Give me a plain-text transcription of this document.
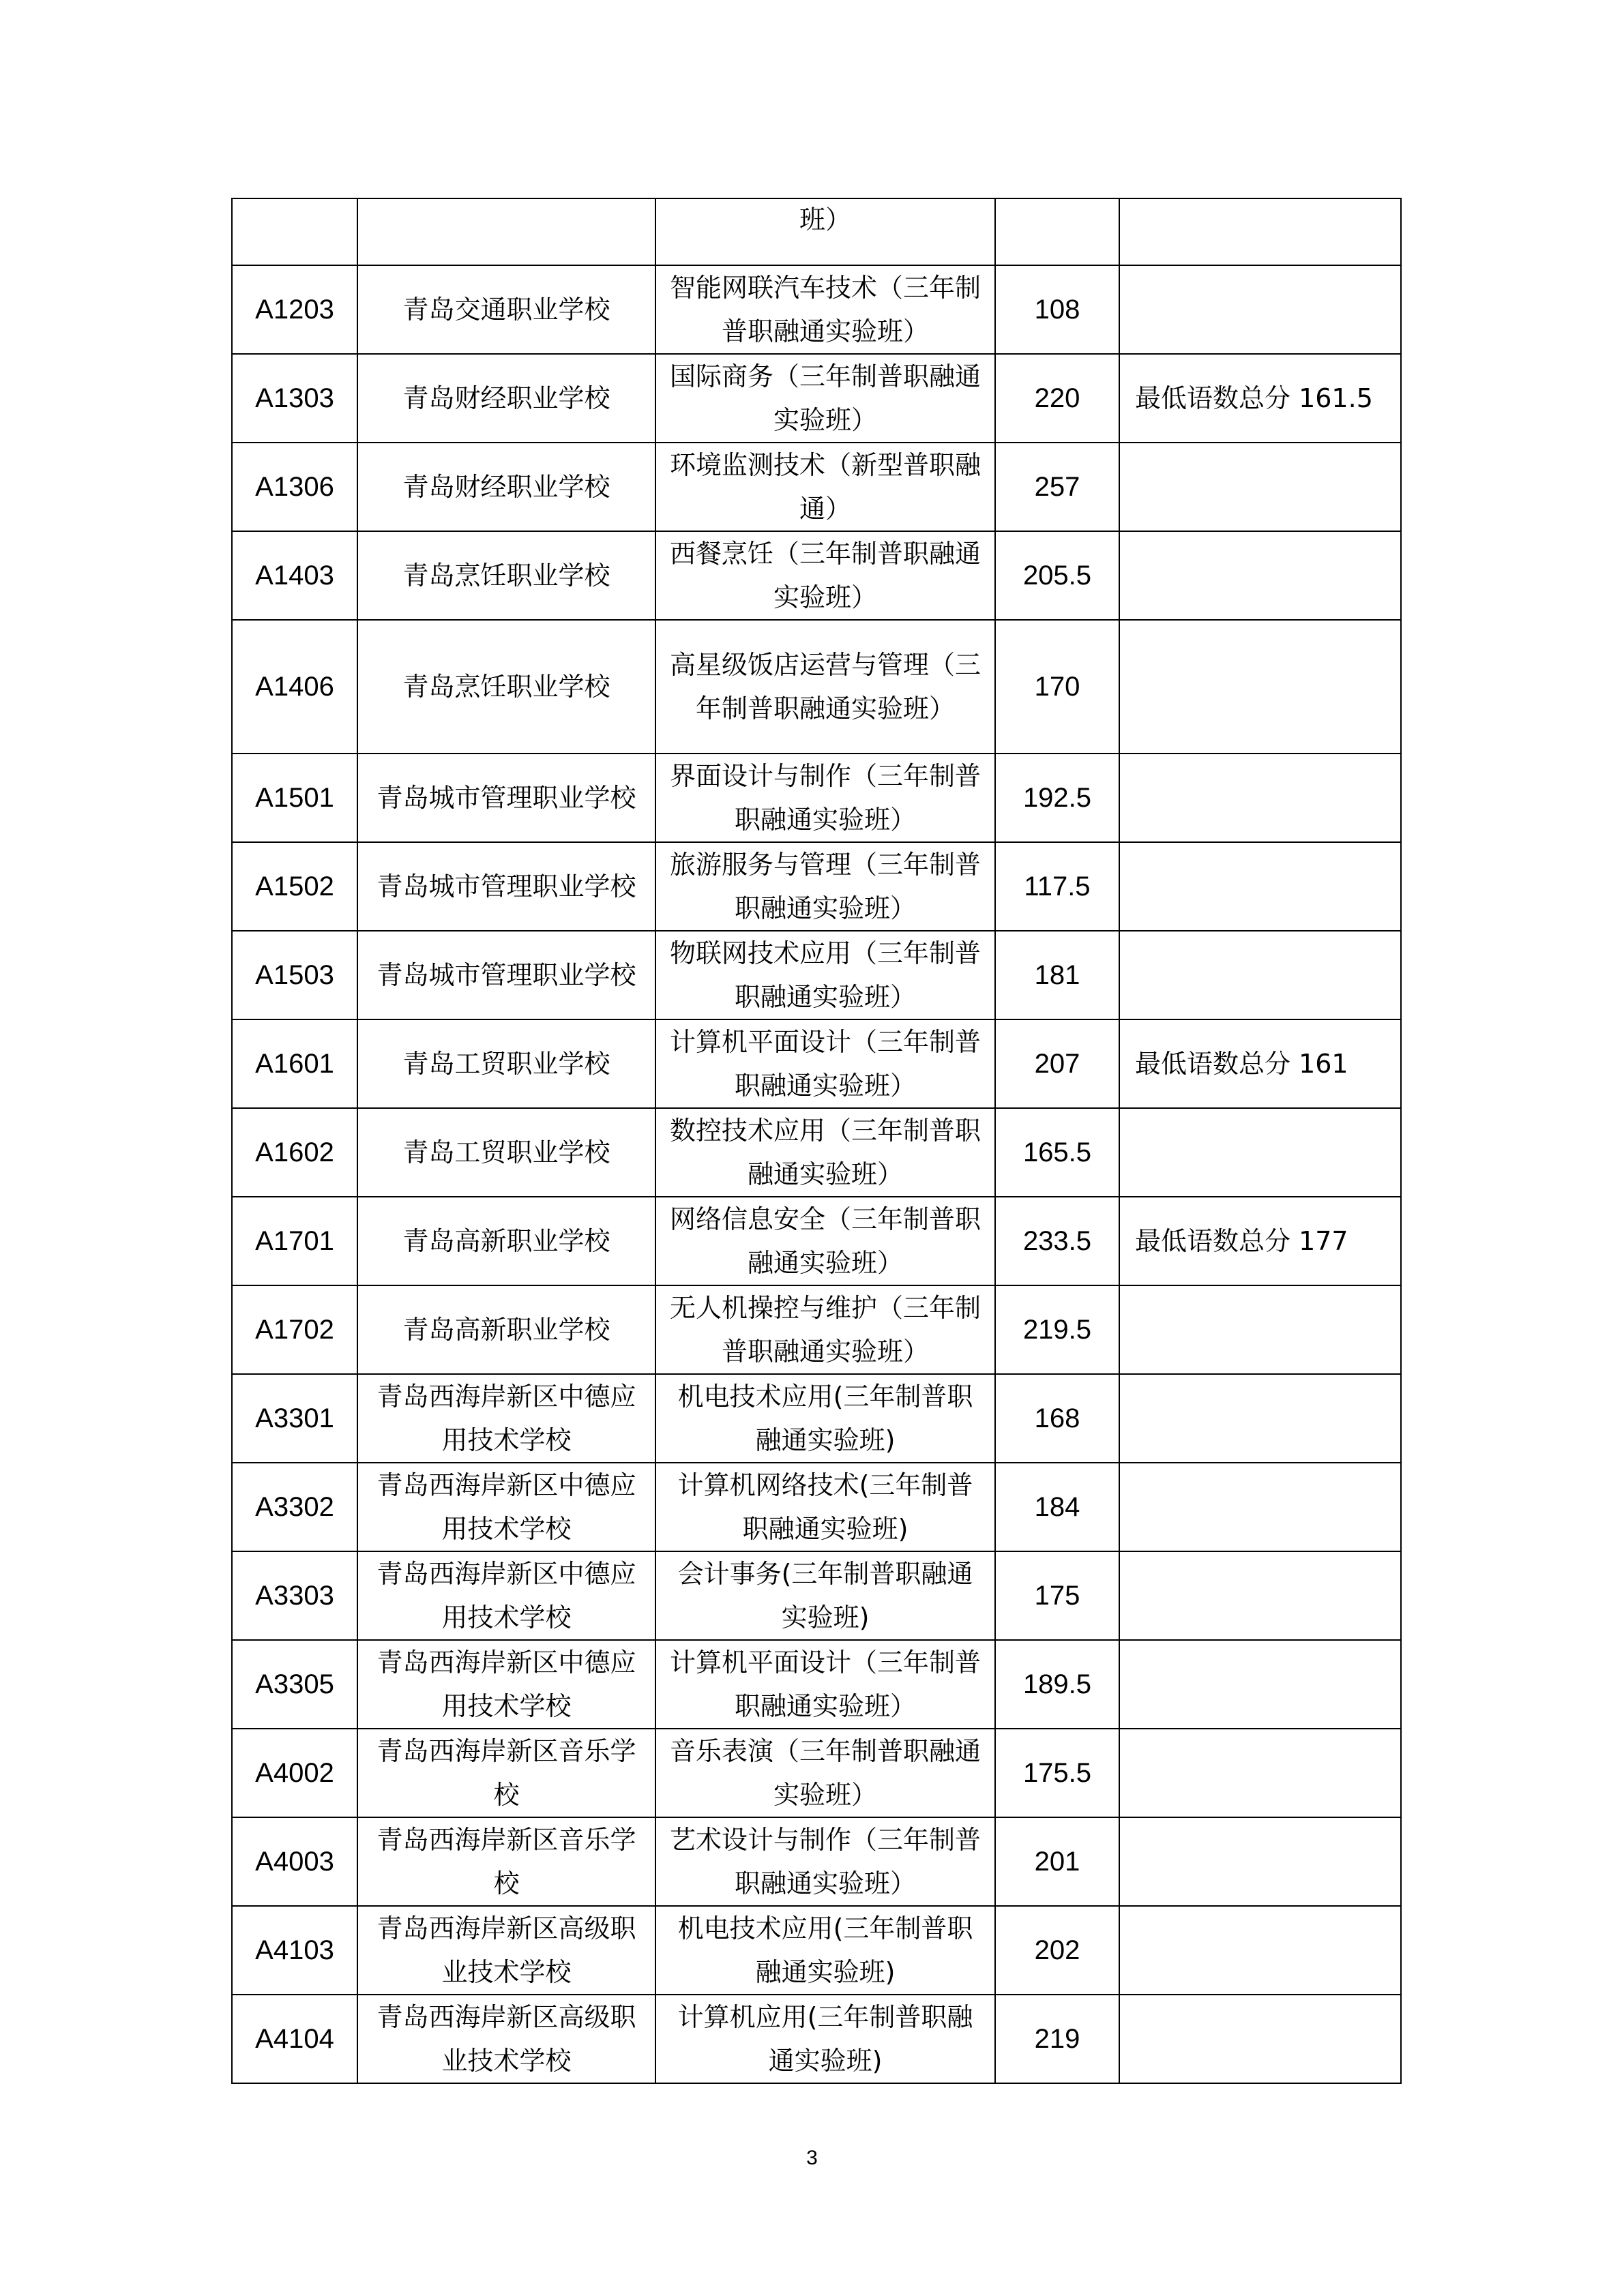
		班）		
A1203	青岛交通职业学校	智能网联汽车技术（三年制普职融通实验班）	108	
A1303	青岛财经职业学校	国际商务（三年制普职融通实验班）	220	最低语数总分 161.5
A1306	青岛财经职业学校	环境监测技术（新型普职融通）	257	
A1403	青岛烹饪职业学校	西餐烹饪（三年制普职融通实验班）	205.5	
A1406	青岛烹饪职业学校	高星级饭店运营与管理（三年制普职融通实验班）	170	
A1501	青岛城市管理职业学校	界面设计与制作（三年制普职融通实验班）	192.5	
A1502	青岛城市管理职业学校	旅游服务与管理（三年制普职融通实验班）	117.5	
A1503	青岛城市管理职业学校	物联网技术应用（三年制普职融通实验班）	181	
A1601	青岛工贸职业学校	计算机平面设计（三年制普职融通实验班）	207	最低语数总分 161
A1602	青岛工贸职业学校	数控技术应用（三年制普职融通实验班）	165.5	
A1701	青岛高新职业学校	网络信息安全（三年制普职融通实验班）	233.5	最低语数总分 177
A1702	青岛高新职业学校	无人机操控与维护（三年制普职融通实验班）	219.5	
A3301	青岛西海岸新区中德应用技术学校	机电技术应用(三年制普职融通实验班)	168	
A3302	青岛西海岸新区中德应用技术学校	计算机网络技术(三年制普职融通实验班)	184	
A3303	青岛西海岸新区中德应用技术学校	会计事务(三年制普职融通实验班)	175	
A3305	青岛西海岸新区中德应用技术学校	计算机平面设计（三年制普职融通实验班）	189.5	
A4002	青岛西海岸新区音乐学校	音乐表演（三年制普职融通实验班）	175.5	
A4003	青岛西海岸新区音乐学校	艺术设计与制作（三年制普职融通实验班）	201	
A4103	青岛西海岸新区高级职业技术学校	机电技术应用(三年制普职融通实验班)	202	
A4104	青岛西海岸新区高级职业技术学校	计算机应用(三年制普职融通实验班)	219	
3
